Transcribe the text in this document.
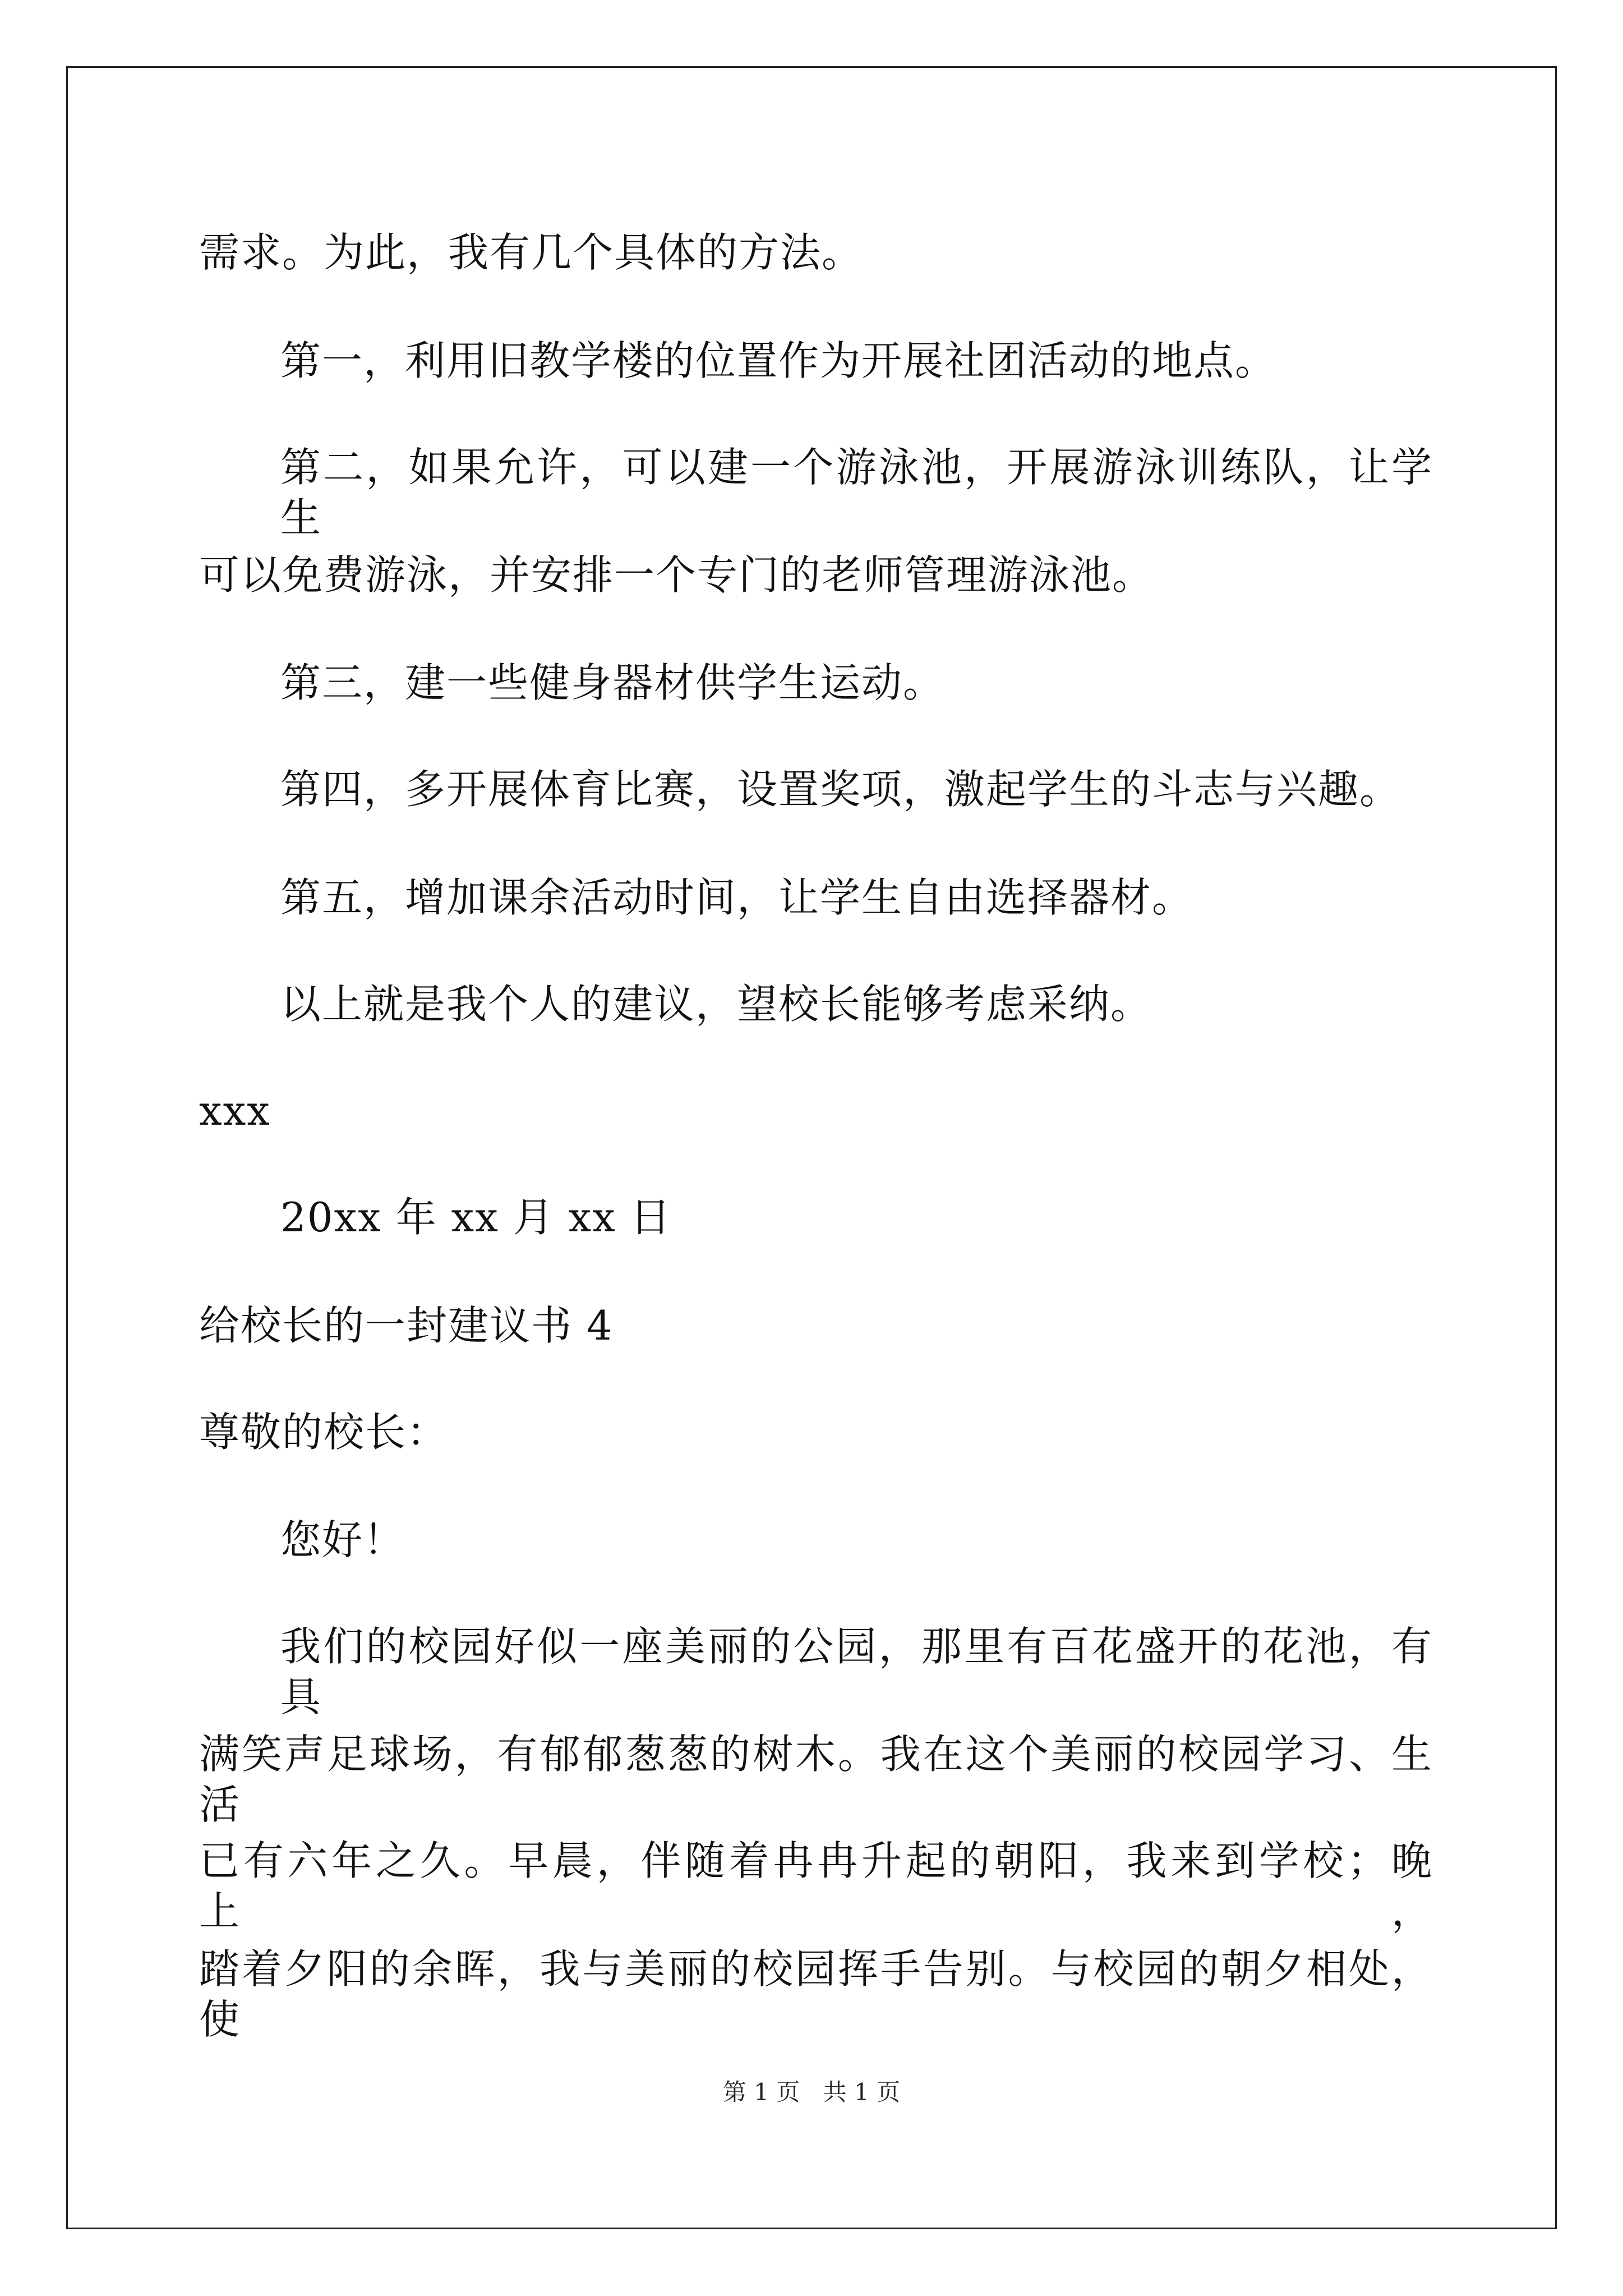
需求。为此，我有几个具体的方法。
第一，利用旧教学楼的位置作为开展社团活动的地点。
第二，如果允许，可以建一个游泳池，开展游泳训练队，让学生
可以免费游泳，并安排一个专门的老师管理游泳池。
第三，建一些健身器材供学生运动。
第四，多开展体育比赛，设置奖项，激起学生的斗志与兴趣。
第五，增加课余活动时间，让学生自由选择器材。
以上就是我个人的建议，望校长能够考虑采纳。
xxx
20xx 年 xx 月 xx 日
给校长的一封建议书 4
尊敬的校长：
您好！
我们的校园好似一座美丽的公园，那里有百花盛开的花池，有具
满笑声足球场，有郁郁葱葱的树木。我在这个美丽的校园学习、生活
已有六年之久。早晨，伴随着冉冉升起的朝阳，我来到学校；晚上，
踏着夕阳的余晖，我与美丽的校园挥手告别。与校园的朝夕相处，使
第 1 页 共 1 页
